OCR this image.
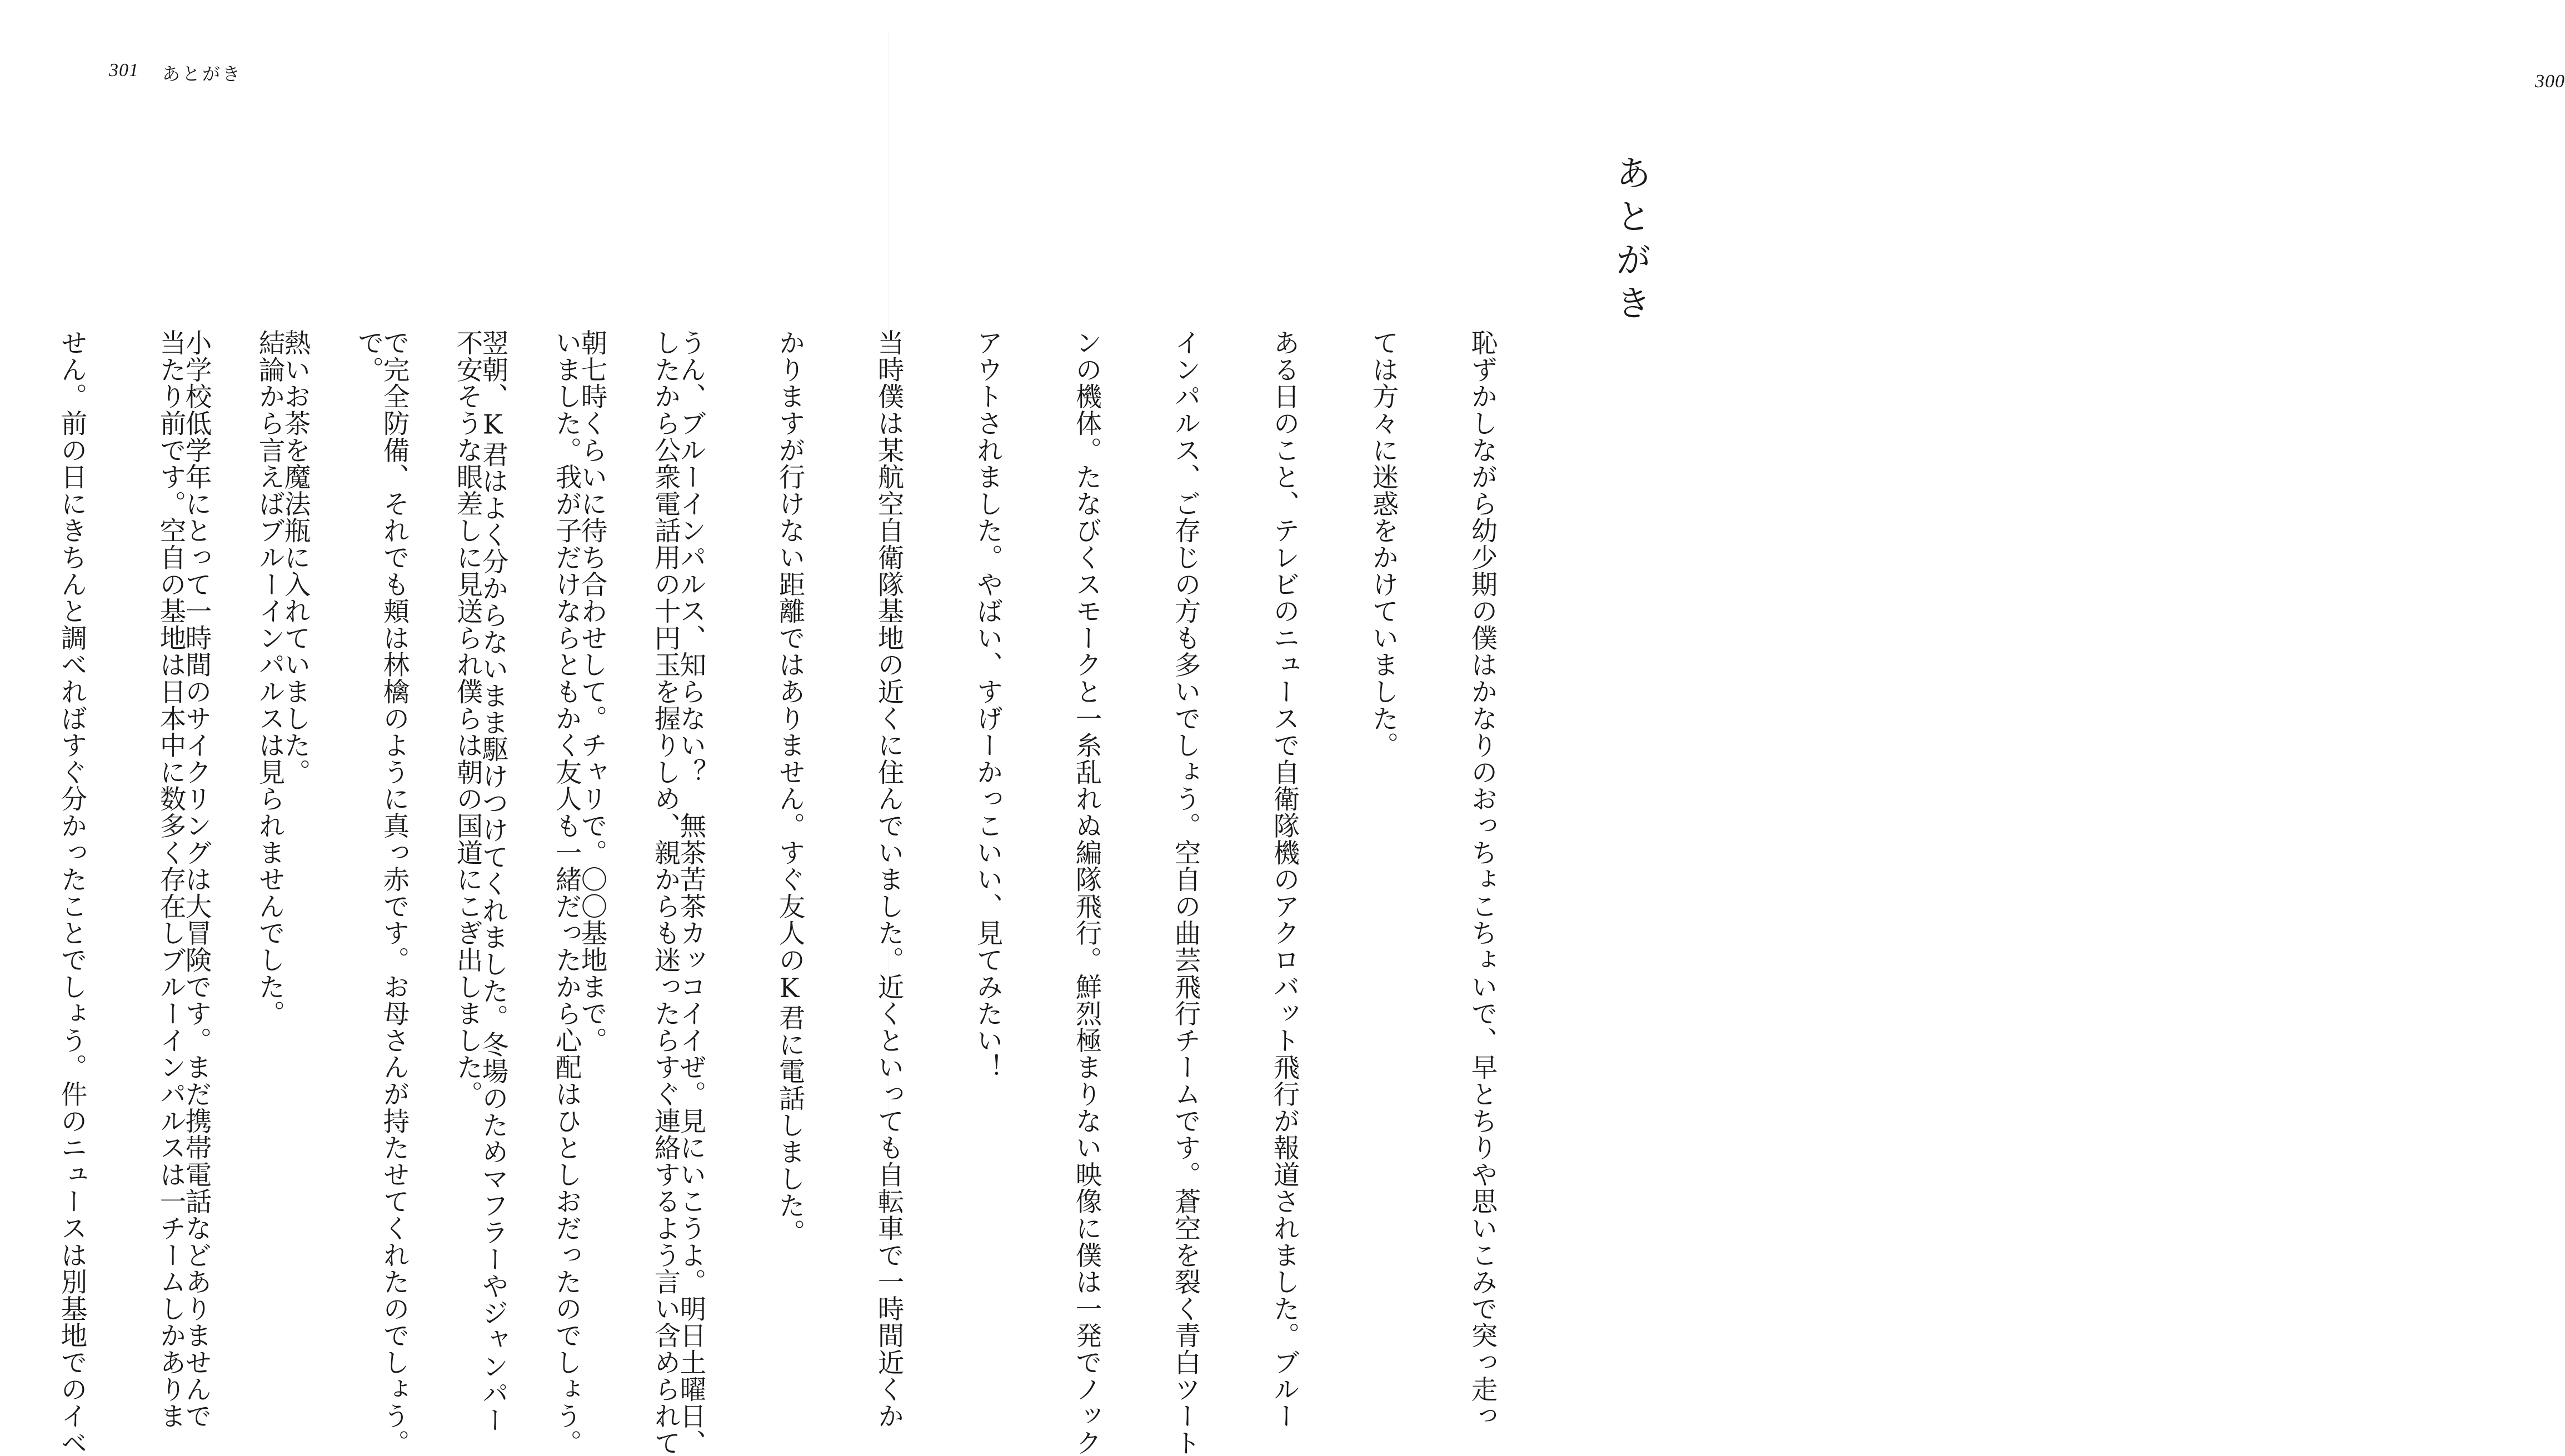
301 あとがき

したから公衆電話用の十円玉を握りしめ、親からも迷ったらすぐ連絡するよう言い含められて

いました。我が子だけならともかく友人も一緒だったから心配はひとしおだったのでしょう。

不安そうな眼差しに見送られ僕らは朝の国道にこぎ出しました。

で。

結論から言えばブルーインパルスは見られませんでした。

当たり前です。空自の基地は日本中に数多く存在しブルーインパルスは一チームしかありま

せん。前の日にきちんと調べればすぐ分かったことでしょう。件のニュースは別基地でのイベ

300
あとがき

恥ずかしながら幼少期の僕はかなりのおっちょこちょいで、早とちりや思いこみで突っ走っ

ては方々に迷惑をかけていました。

ある日のこと、テレビのニュースで自衛隊機のアクロバット飛行が報道されました。ブルー

インパルス、ご存じの方も多いでしょう。空自の曲芸飛行チームです。蒼空を裂く青白ツート

ンの機体。たなびくスモークと一糸乱れぬ編隊飛行。鮮烈極まりない映像に僕は一発でノック

アウトされました。やばい、すげーかっこいい、見てみたい！

当時僕は某航空自衛隊基地の近くに住んでいました。近くといっても自転車で一時間近くか

かりますが行けない距離ではありません。すぐ友人のK君に電話しました。

うん、ブルーインパルス、知らない？　無茶苦茶カッコイイぜ。見にいこうよ。明日土曜日、

朝七時くらいに待ち合わせして。チャリで。〇〇基地まで。

翌朝、K君はよく分からないまま駆けつけてくれました。冬場のためマフラーやジャンパー

で完全防備、それでも頬は林檎のように真っ赤です。お母さんが持たせてくれたのでしょう。

熱いお茶を魔法瓶に入れていました。

小学校低学年にとって一時間のサイクリングは大冒険です。まだ携帯電話などありませんで
